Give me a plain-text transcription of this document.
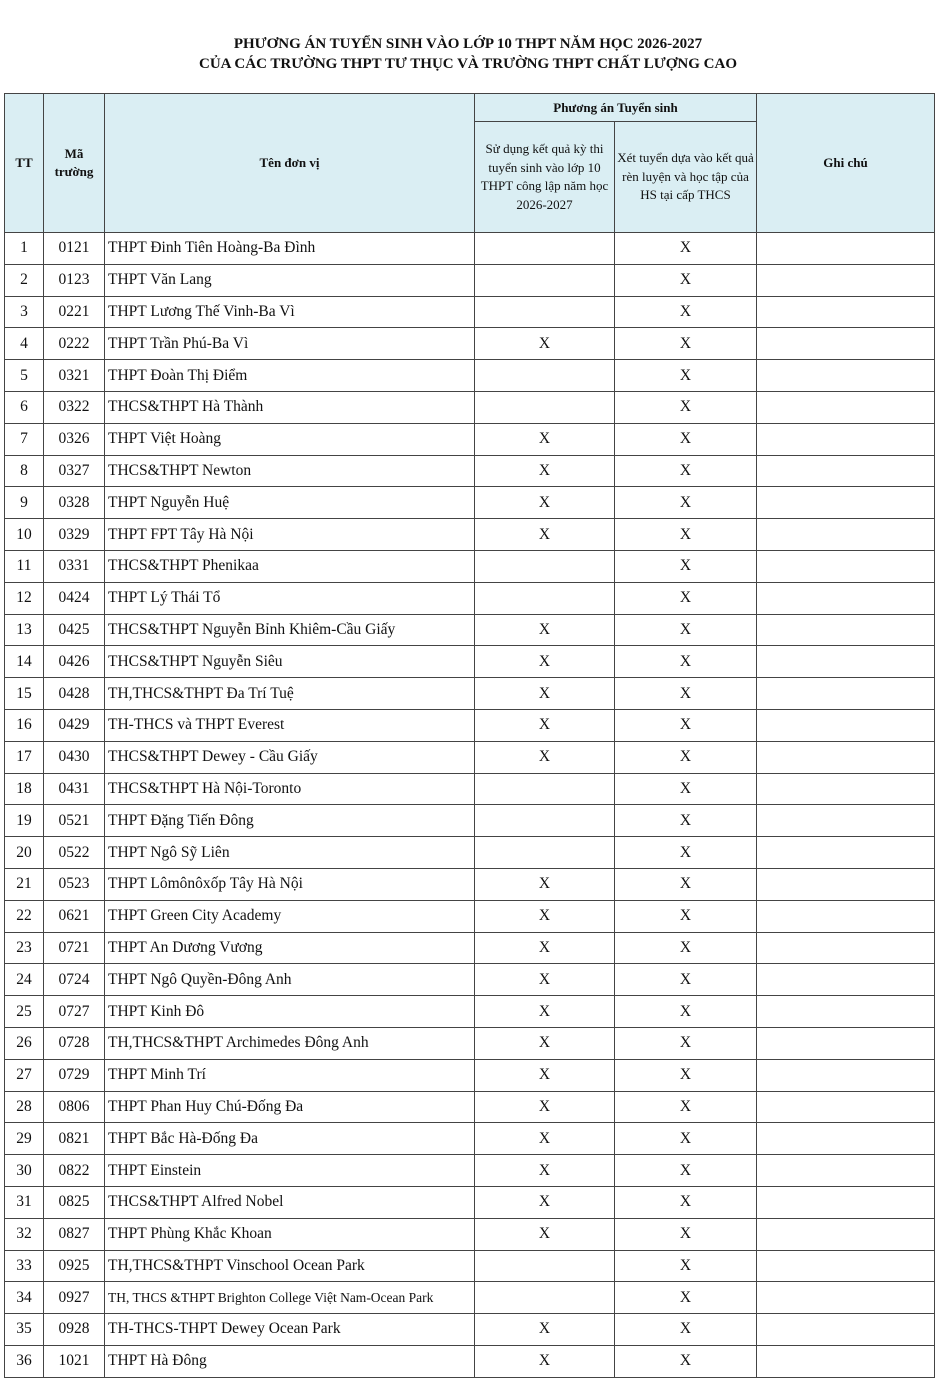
PHƯƠNG ÁN TUYỂN SINH VÀO LỚP 10 THPT NĂM HỌC 2026-2027
CỦA CÁC TRƯỜNG THPT TƯ THỤC VÀ TRƯỜNG THPT CHẤT LƯỢNG CAO
TT	Mã trường	Tên đơn vị	Phương án Tuyển sinh		Ghi chú
			Sử dụng kết quả kỳ thi tuyển sinh vào lớp 10 THPT công lập năm học 2026-2027	Xét tuyển dựa vào kết quả rèn luyện và học tập của HS tại cấp THCS	
1	0121	THPT Đinh Tiên Hoàng-Ba Đình		X	
2	0123	THPT Văn Lang		X	
3	0221	THPT Lương Thế Vinh-Ba Vì		X	
4	0222	THPT Trần Phú-Ba Vì	X	X	
5	0321	THPT Đoàn Thị Điểm		X	
6	0322	THCS&THPT Hà Thành		X	
7	0326	THPT Việt Hoàng	X	X	
8	0327	THCS&THPT Newton	X	X	
9	0328	THPT Nguyễn Huệ	X	X	
10	0329	THPT FPT Tây Hà Nội	X	X	
11	0331	THCS&THPT Phenikaa		X	
12	0424	THPT Lý Thái Tổ		X	
13	0425	THCS&THPT Nguyễn Bỉnh Khiêm-Cầu Giấy	X	X	
14	0426	THCS&THPT Nguyễn Siêu	X	X	
15	0428	TH,THCS&THPT Đa Trí Tuệ	X	X	
16	0429	TH-THCS và THPT Everest	X	X	
17	0430	THCS&THPT Dewey - Cầu Giấy	X	X	
18	0431	THCS&THPT Hà Nội-Toronto		X	
19	0521	THPT Đặng Tiến Đông		X	
20	0522	THPT Ngô Sỹ Liên		X	
21	0523	THPT Lômônôxốp Tây Hà Nội	X	X	
22	0621	THPT Green City Academy	X	X	
23	0721	THPT An Dương Vương	X	X	
24	0724	THPT Ngô Quyền-Đông Anh	X	X	
25	0727	THPT Kinh Đô	X	X	
26	0728	TH,THCS&THPT Archimedes Đông Anh	X	X	
27	0729	THPT Minh Trí	X	X	
28	0806	THPT Phan Huy Chú-Đống Đa	X	X	
29	0821	THPT Bắc Hà-Đống Đa	X	X	
30	0822	THPT Einstein	X	X	
31	0825	THCS&THPT Alfred Nobel	X	X	
32	0827	THPT Phùng Khắc Khoan	X	X	
33	0925	TH,THCS&THPT Vinschool Ocean Park		X	
34	0927	TH, THCS &THPT Brighton College Việt Nam-Ocean Park		X	
35	0928	TH-THCS-THPT Dewey Ocean Park	X	X	
36	1021	THPT Hà Đông	X	X	
